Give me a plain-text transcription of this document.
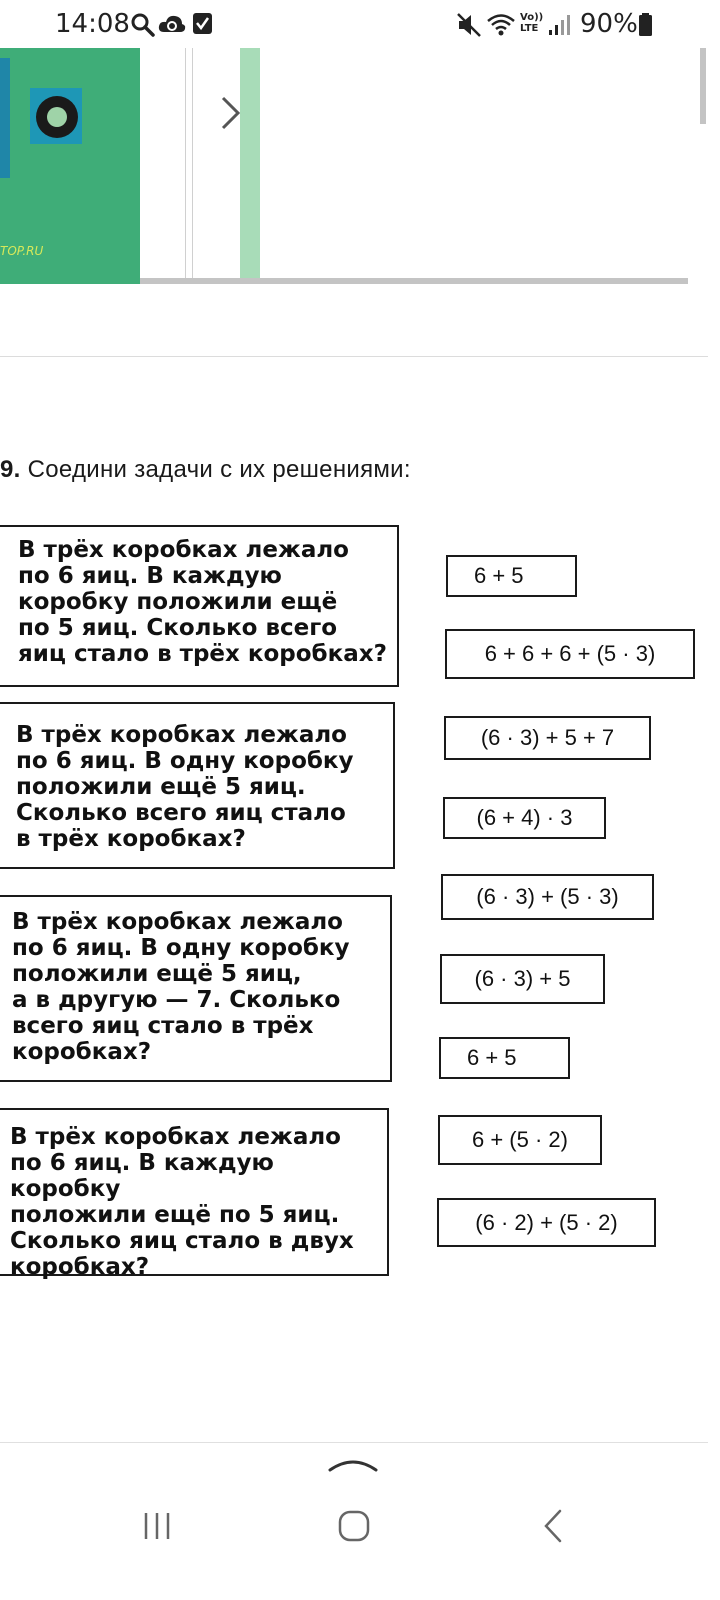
14:08	Vo)) LTE 90%
TOP.RU
9. Соедини задачи с их решениями:

В трёх коробках лежало
по 6 яиц. В каждую
коробку положили ещё
по 5 яиц. Сколько всего
яиц стало в трёх коробках?

В трёх коробках лежало
по 6 яиц. В одну коробку
положили ещё 5 яиц.
Сколько всего яиц стало
в трёх коробках?

В трёх коробках лежало
по 6 яиц. В одну коробку
положили ещё 5 яиц,
а в другую — 7. Сколько
всего яиц стало в трёх
коробках?

В трёх коробках лежало
по 6 яиц. В каждую коробку
положили ещё по 5 яиц.
Сколько яиц стало в двух
коробках?

6 + 5
6 + 6 + 6 + (5 · 3)
(6 · 3) + 5 + 7
(6 + 4) · 3
(6 · 3) + (5 · 3)
(6 · 3) + 5
6 + 5
6 + (5 · 2)
(6 · 2) + (5 · 2)
